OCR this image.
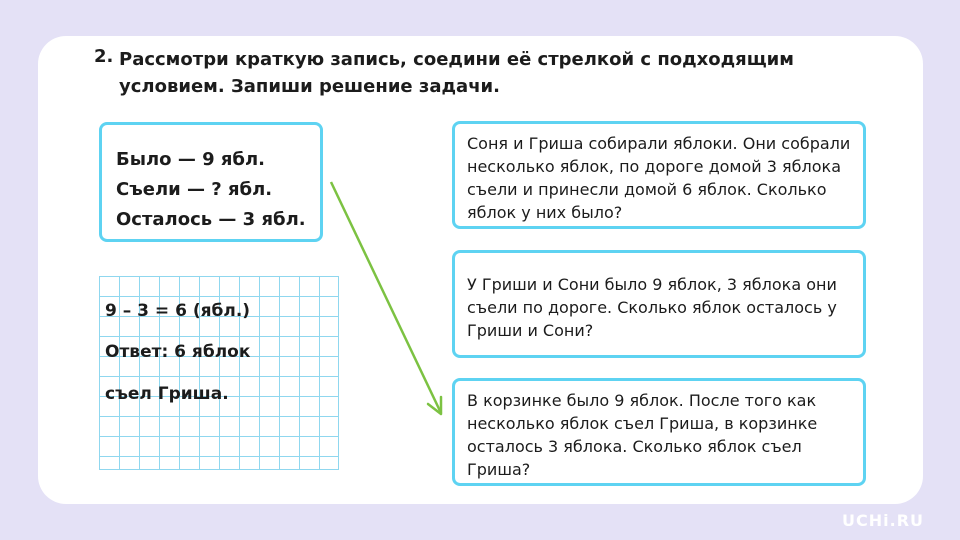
2. Рассмотри краткую запись, соедини её стрелкой с подходящим условием. Запиши решение задачи.
Было — 9 ябл.
Съели — ? ябл.
Осталось — 3 ябл.
Соня и Гриша собирали яблоки. Они собрали несколько яблок, по дороге домой 3 яблока съели и принесли домой 6 яблок. Сколько яблок у них было?
У Гриши и Сони было 9 яблок, 3 яблока они съели по дороге. Сколько яблок осталось у Гриши и Сони?
В корзинке было 9 яблок. После того как несколько яблок съел Гриша, в корзинке осталось 3 яблока. Сколько яблок съел Гриша?
9 – 3 = 6 (ябл.)
Ответ: 6 яблок
съел Гриша.
UCHi.RU
